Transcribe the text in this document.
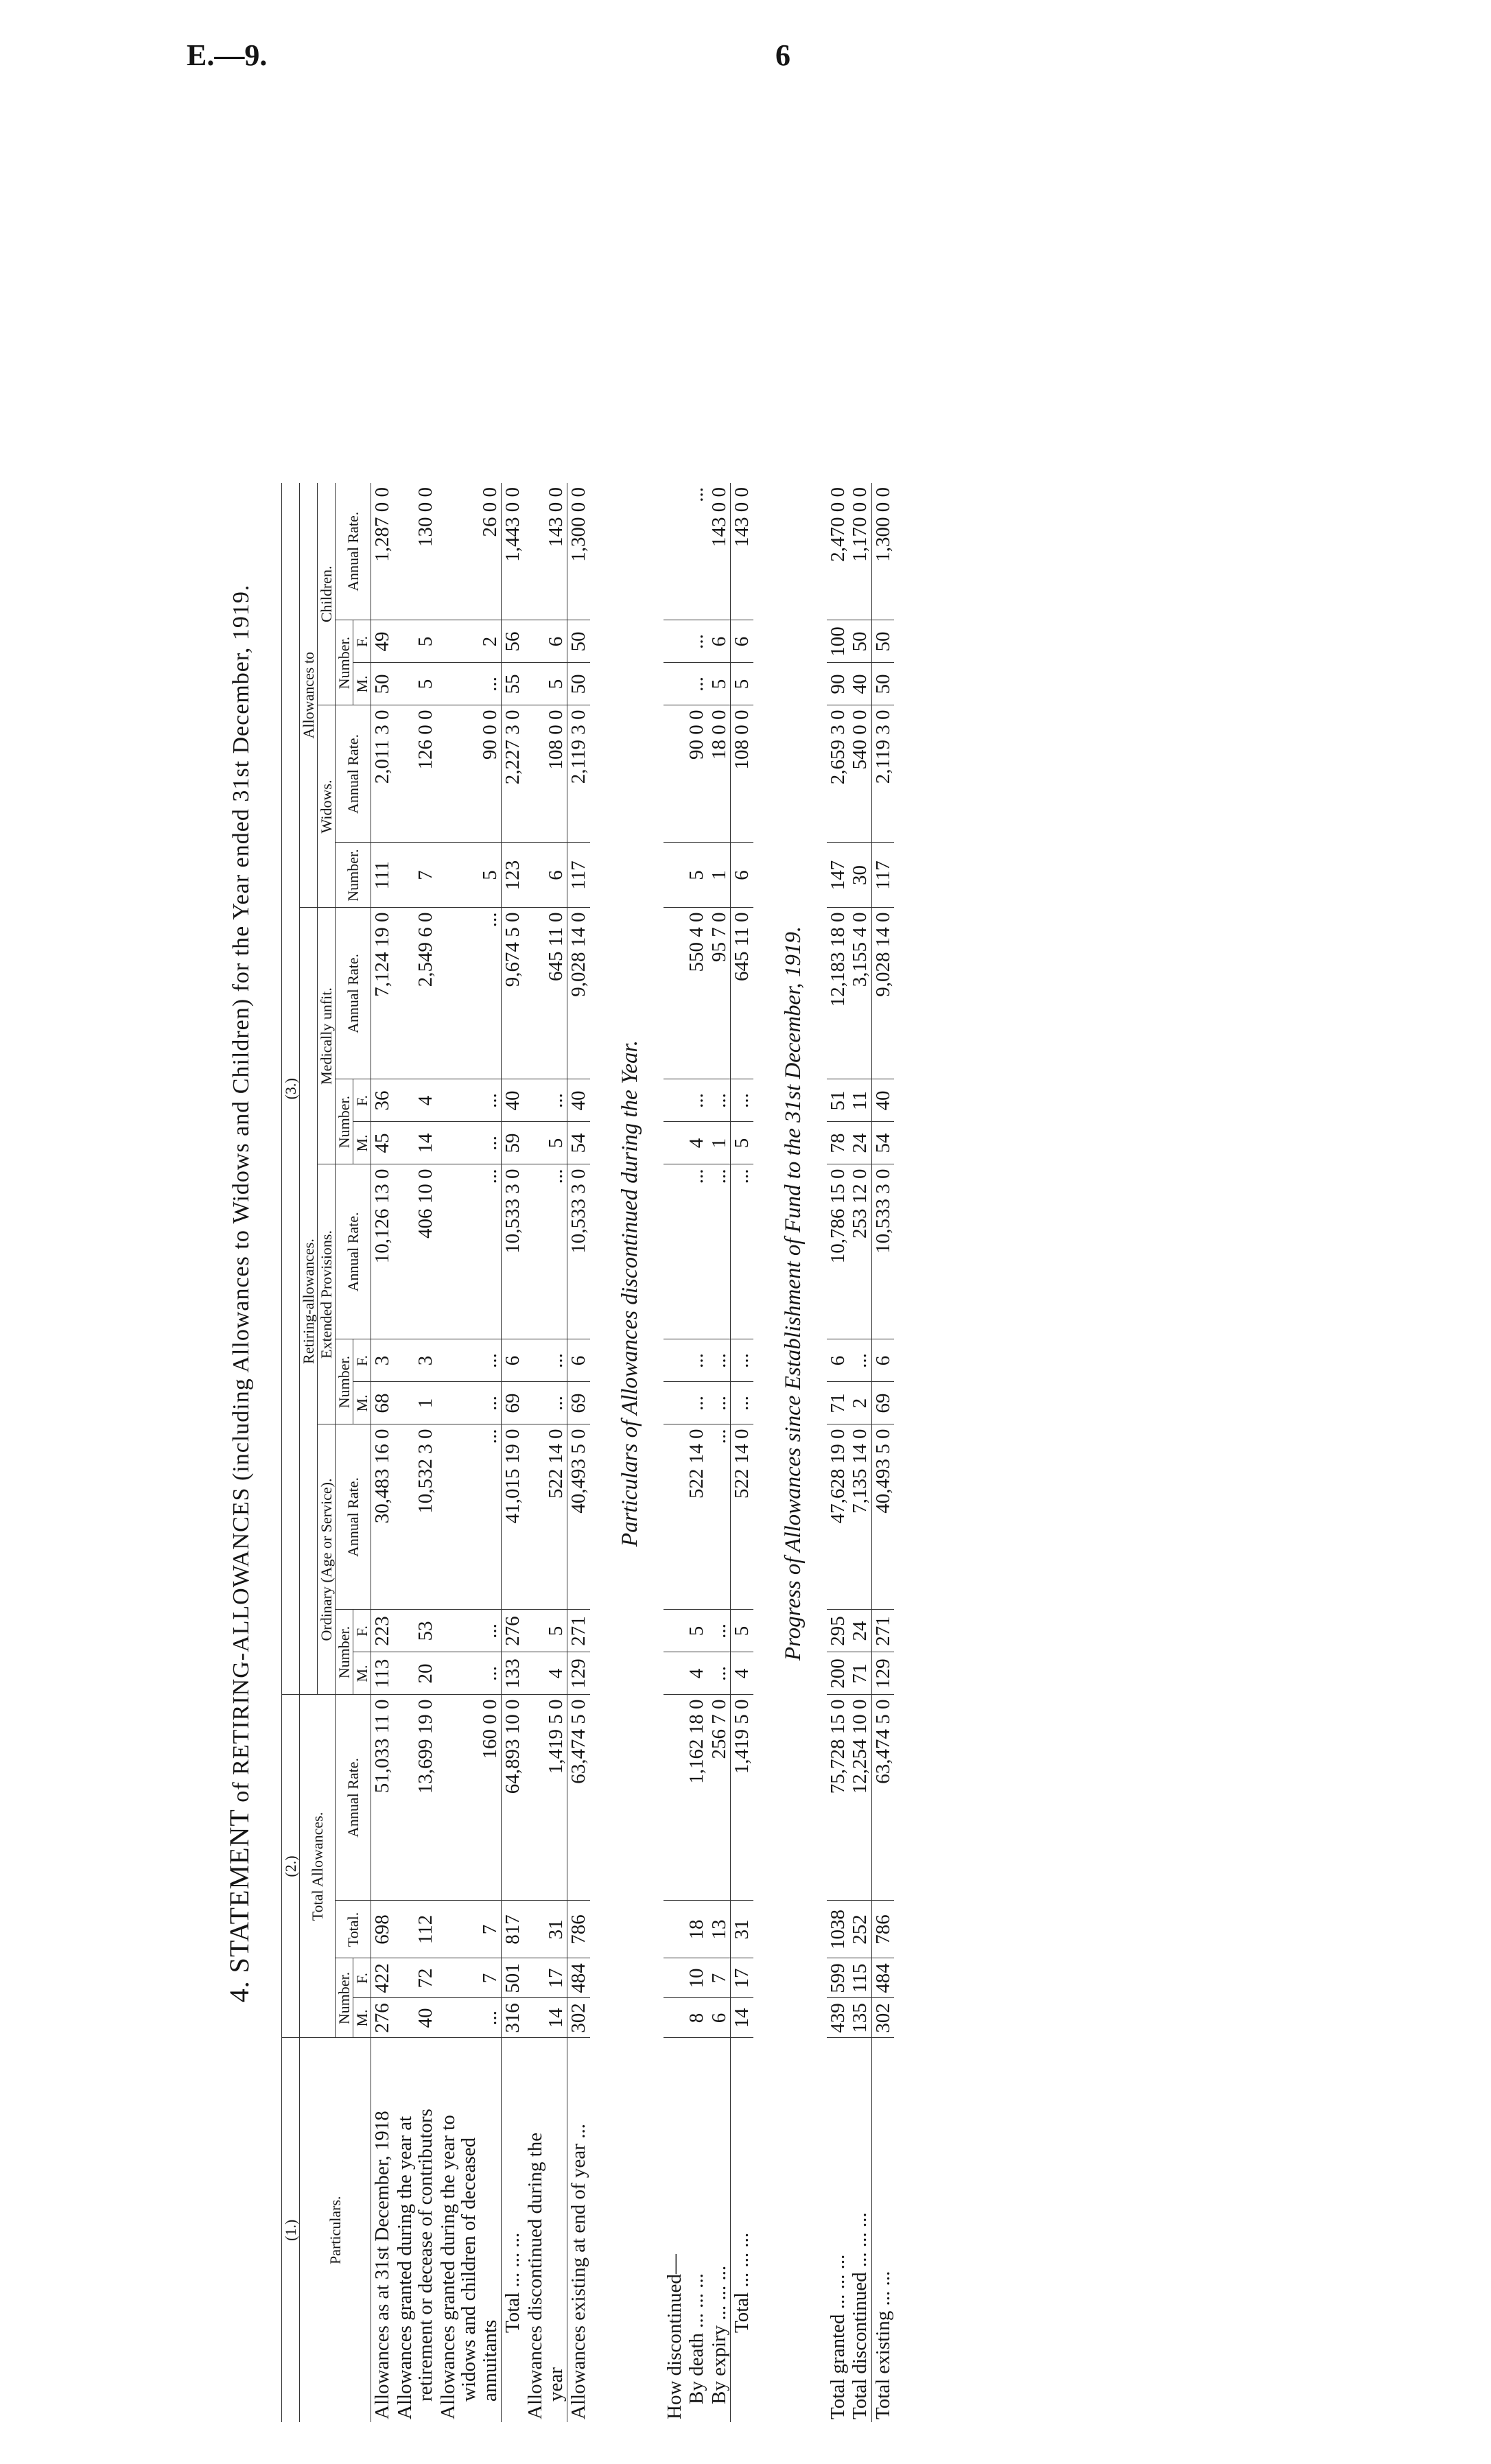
E.—9.	6
4. STATEMENT of RETIRING-ALLOWANCES (including Allowances to Widows and Children) for the Year ended 31st December, 1919.
(1.)	(2.)				(3.)													
Particulars.	Total Allowances.				Retiring-allowances.									Allowances to				
					Ordinary (Age or Service).			Extended Provisions.			Medically unfit.			Widows.		Children.		
	Number.		Total.	Annual Rate.	Number.		Annual Rate.	Number.		Annual Rate.	Number.		Annual Rate.	Number.	Annual Rate.	Number.		Annual Rate.
	M.	F.			M.	F.		M.	F.		M.	F.				M.	F.	

Allowances as at 31st December, 1918	276	422	698	51,033 11 0	113	223	30,483 16 0	68	3	10,126 13 0	45	36	7,124 19 0	111	2,011 3 0	50	49	1,287 0 0

Allowances granted during the year at
retirement or decease of contributors	40	72	112	13,699 19 0	20	53	10,532 3 0	1	3	406 10 0	14	4	2,549 6 0	7	126 0 0	5	5	130 0 0

Allowances granted during the year to
widows and children of deceased
annuitants	...	7	7	160 0 0	...	...	...	...	...	...	...	...	...	5	90 0 0	...	2	26 0 0

Total ... ... ...	316	501	817	64,893 10 0	133	276	41,015 19 0	69	6	10,533 3 0	59	40	9,674 5 0	123	2,227 3 0	55	56	1,443 0 0

Allowances discontinued during the
year	14	17	31	1,419 5 0	4	5	522 14 0	...	...	...	5	...	645 11 0	6	108 0 0	5	6	143 0 0

Allowances existing at end of year ...	302	484	786	63,474 5 0	129	271	40,493 5 0	69	6	10,533 3 0	54	40	9,028 14 0	117	2,119 3 0	50	50	1,300 0 0
Particulars of Allowances discontinued during the Year.
How discontinued—																		

By death ... ... ...	8	10	18	1,162 18 0	4	5	522 14 0	...	...	...	4	...	550 4 0	5	90 0 0	...	...	...

By expiry ... ... ...	6	7	13	256 7 0	...	...	...	...	...	...	1	...	95 7 0	1	18 0 0	5	6	143 0 0

Total ... ... ...	14	17	31	1,419 5 0	4	5	522 14 0	...	...	...	5	...	645 11 0	6	108 0 0	5	6	143 0 0
Progress of Allowances since Establishment of Fund to the 31st December, 1919.
Total granted ... ... ...	439	599	1038	75,728 15 0	200	295	47,628 19 0	71	6	10,786 15 0	78	51	12,183 18 0	147	2,659 3 0	90	100	2,470 0 0

Total discontinued ... ... ...	135	115	252	12,254 10 0	71	24	7,135 14 0	2	...	253 12 0	24	11	3,155 4 0	30	540 0 0	40	50	1,170 0 0

Total existing ... ...	302	484	786	63,474 5 0	129	271	40,493 5 0	69	6	10,533 3 0	54	40	9,028 14 0	117	2,119 3 0	50	50	1,300 0 0
